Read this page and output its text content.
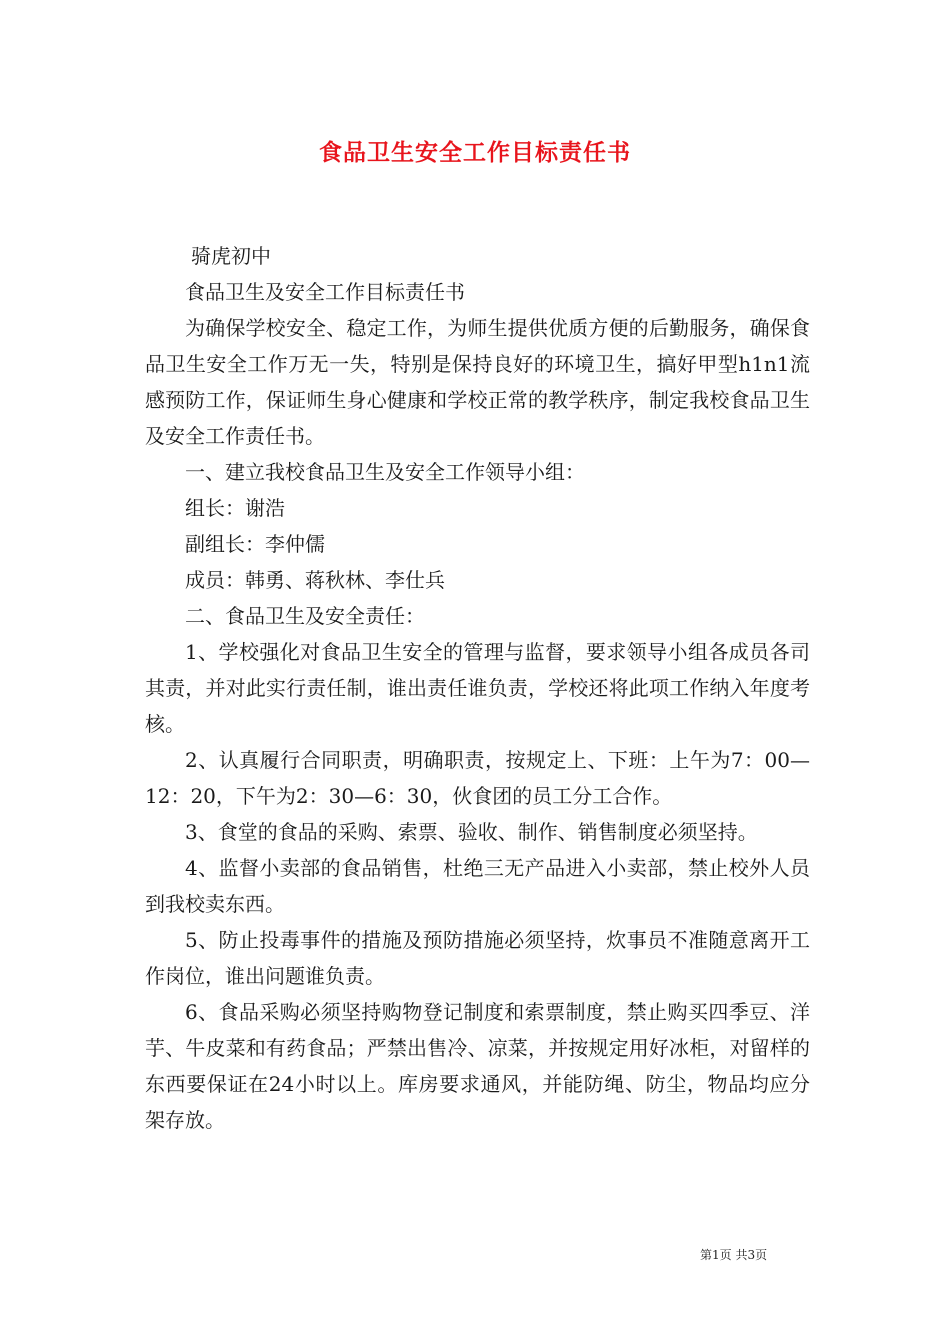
食品卫生安全工作目标责任书

骑虎初中

食品卫生及安全工作目标责任书

为确保学校安全、稳定工作，为师生提供优质方便的后勤服务，确保食品卫生安全工作万无一失，特别是保持良好的环境卫生，搞好甲型h1n1流感预防工作，保证师生身心健康和学校正常的教学秩序，制定我校食品卫生及安全工作责任书。

一、建立我校食品卫生及安全工作领导小组：

组长：谢浩

副组长：李仲儒

成员：韩勇、蒋秋林、李仕兵

二、食品卫生及安全责任：

1、学校强化对食品卫生安全的管理与监督，要求领导小组各成员各司其责，并对此实行责任制，谁出责任谁负责，学校还将此项工作纳入年度考核。

2、认真履行合同职责，明确职责，按规定上、下班：上午为7：00—12：20，下午为2：30—6：30，伙食团的员工分工合作。

3、食堂的食品的采购、索票、验收、制作、销售制度必须坚持。

4、监督小卖部的食品销售，杜绝三无产品进入小卖部，禁止校外人员到我校卖东西。

5、防止投毒事件的措施及预防措施必须坚持，炊事员不准随意离开工作岗位，谁出问题谁负责。

6、食品采购必须坚持购物登记制度和索票制度，禁止购买四季豆、洋芋、牛皮菜和有药食品；严禁出售冷、凉菜，并按规定用好冰柜，对留样的东西要保证在24小时以上。库房要求通风，并能防绳、防尘，物品均应分架存放。

第1页 共3页
